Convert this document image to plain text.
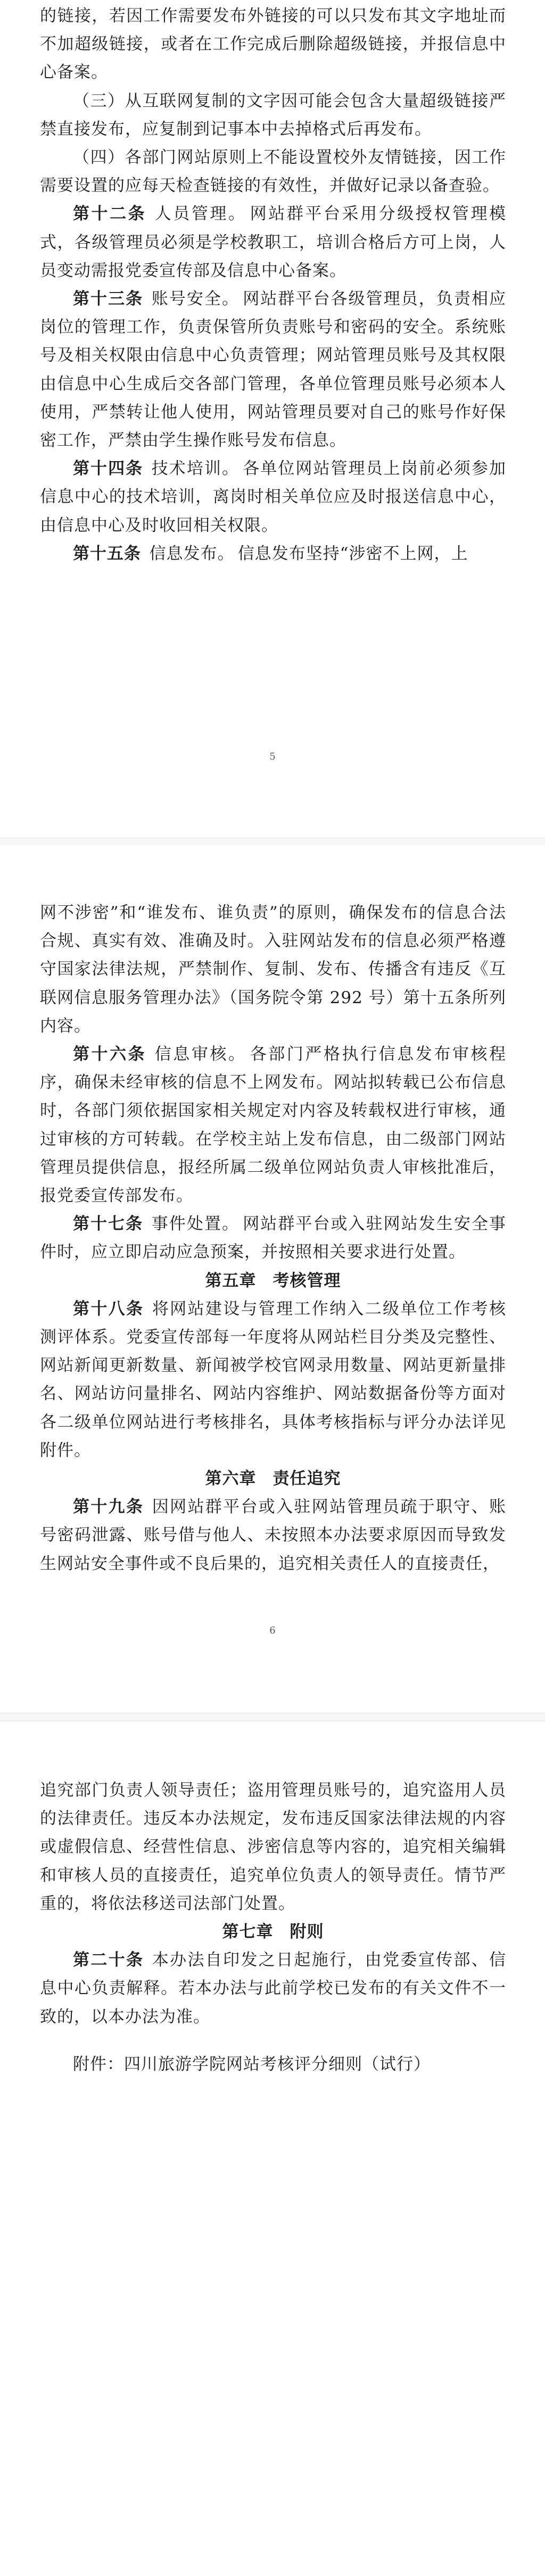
的链接，若因工作需要发布外链接的可以只发布其文字地址而不加超级链接，或者在工作完成后删除超级链接，并报信息中心备案。

（三）从互联网复制的文字因可能会包含大量超级链接严禁直接发布，应复制到记事本中去掉格式后再发布。

（四）各部门网站原则上不能设置校外友情链接，因工作需要设置的应每天检查链接的有效性，并做好记录以备查验。

第十二条 人员管理。 网站群平台采用分级授权管理模式，各级管理员必须是学校教职工，培训合格后方可上岗，人员变动需报党委宣传部及信息中心备案。

第十三条 账号安全。 网站群平台各级管理员，负责相应岗位的管理工作，负责保管所负责账号和密码的安全。系统账号及相关权限由信息中心负责管理；网站管理员账号及其权限由信息中心生成后交各部门管理，各单位管理员账号必须本人使用，严禁转让他人使用，网站管理员要对自己的账号作好保密工作，严禁由学生操作账号发布信息。

第十四条 技术培训。 各单位网站管理员上岗前必须参加信息中心的技术培训，离岗时相关单位应及时报送信息中心，由信息中心及时收回相关权限。

第十五条 信息发布。 信息发布坚持“涉密不上网，上

5

网不涉密”和“谁发布、谁负责”的原则，确保发布的信息合法合规、真实有效、准确及时。入驻网站发布的信息必须严格遵守国家法律法规，严禁制作、复制、发布、传播含有违反《互联网信息服务管理办法》（国务院令第 292 号）第十五条所列内容。

第十六条 信息审核。 各部门严格执行信息发布审核程序，确保未经审核的信息不上网发布。网站拟转载已公布信息时，各部门须依据国家相关规定对内容及转载权进行审核，通过审核的方可转载。在学校主站上发布信息，由二级部门网站管理员提供信息，报经所属二级单位网站负责人审核批准后，报党委宣传部发布。

第十七条 事件处置。 网站群平台或入驻网站发生安全事件时，应立即启动应急预案，并按照相关要求进行处置。

第五章 考核管理

第十八条 将网站建设与管理工作纳入二级单位工作考核测评体系。党委宣传部每一年度将从网站栏目分类及完整性、网站新闻更新数量、新闻被学校官网录用数量、网站更新量排名、网站访问量排名、网站内容维护、网站数据备份等方面对各二级单位网站进行考核排名，具体考核指标与评分办法详见附件。

第六章 责任追究

第十九条 因网站群平台或入驻网站管理员疏于职守、账号密码泄露、账号借与他人、未按照本办法要求原因而导致发生网站安全事件或不良后果的，追究相关责任人的直接责任，

6

追究部门负责人领导责任；盗用管理员账号的，追究盗用人员的法律责任。违反本办法规定，发布违反国家法律法规的内容或虚假信息、经营性信息、涉密信息等内容的，追究相关编辑和审核人员的直接责任，追究单位负责人的领导责任。情节严重的，将依法移送司法部门处置。

第七章 附则

第二十条 本办法自印发之日起施行，由党委宣传部、信息中心负责解释。若本办法与此前学校已发布的有关文件不一致的，以本办法为准。

附件：四川旅游学院网站考核评分细则（试行）
